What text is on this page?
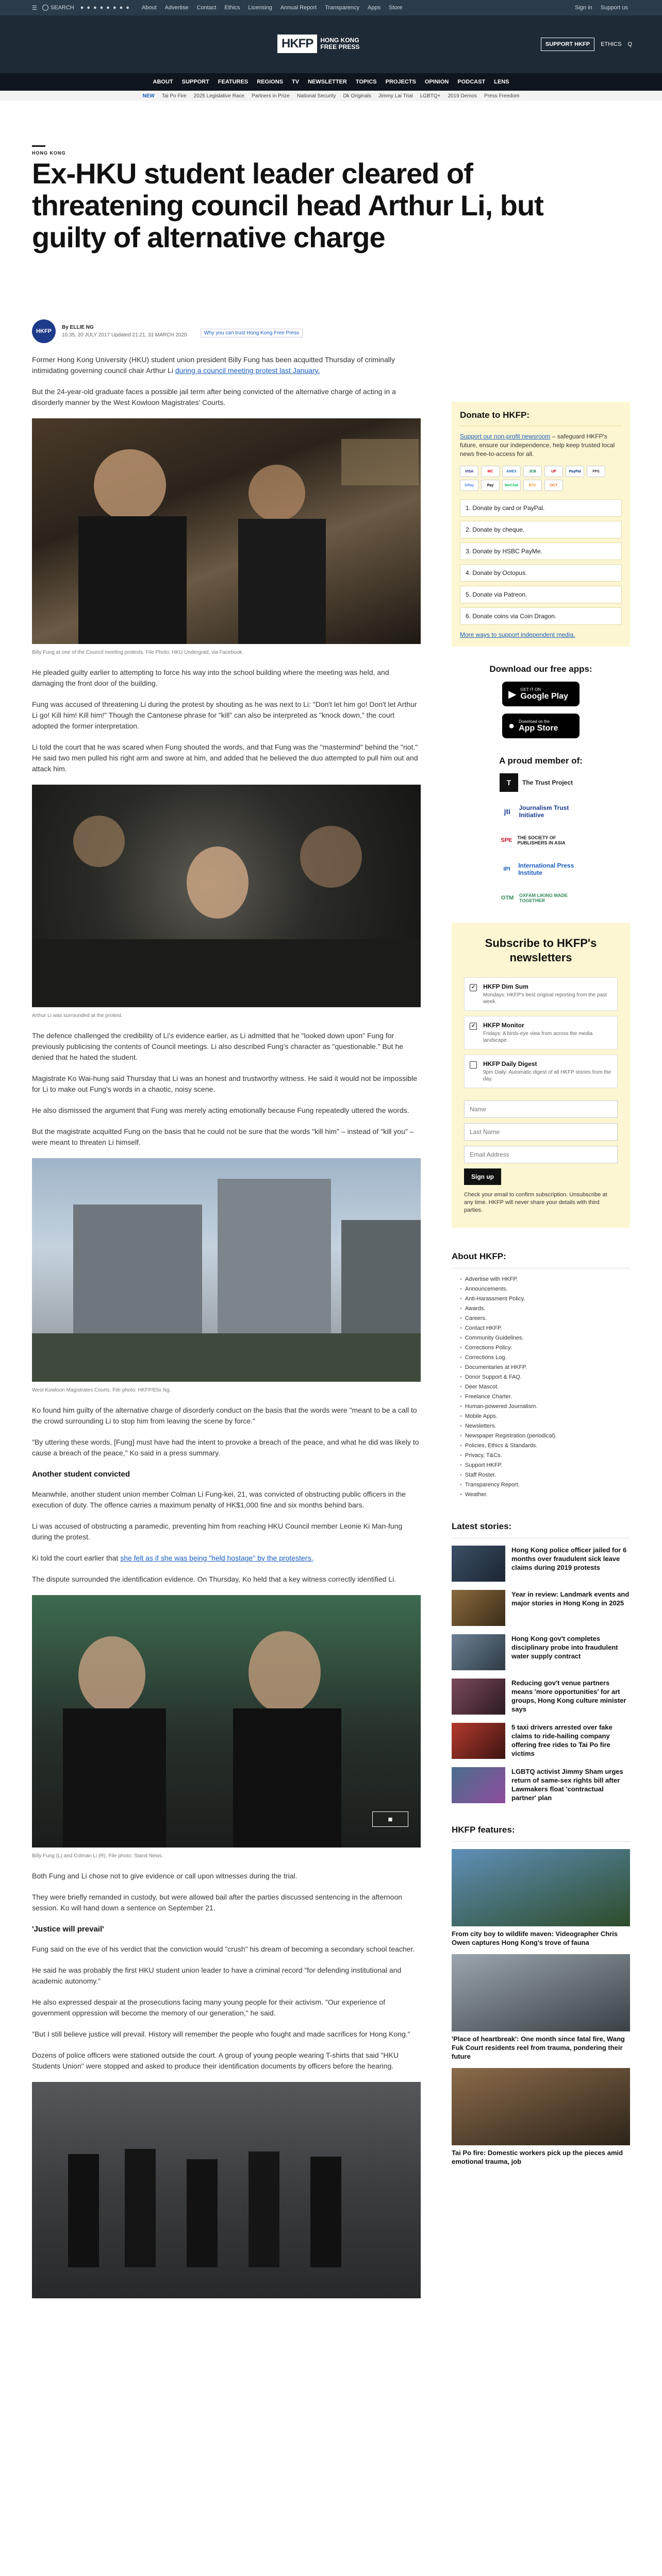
☰	SEARCH ●●●●●●●● About Advertise Contact Ethics Licensing Annual Report Transparency Apps Store	Sign in Support us
HKFP	HONG KONG
FREE PRESS	SUPPORT HKFP	ETHICS Q
ABOUT SUPPORT FEATURES REGIONS TV NEWSLETTER TOPICS PROJECTS OPINION PODCAST LENS
NEW Tai Po Fire 2025 Legislative Race Partners in Prize National Security Dk Originals Jimmy Lai Trial LGBTQ+ 2019 Demos Press Freedom
HONG KONG
Ex-HKU student leader cleared of threatening council head Arthur Li, but guilty of alternative charge
HKFP
By ELLIE NG
10:35, 20 JULY 2017 Updated 21:21, 31 MARCH 2020	Why you can trust Hong Kong Free Press

Former Hong Kong University (HKU) student union president Billy Fung has been acquitted Thursday of criminally intimidating governing council chair Arthur Li during a council meeting protest last January.

But the 24-year-old graduate faces a possible jail term after being convicted of the alternative charge of acting in a disorderly manner by the West Kowloon Magistrates' Courts.

Billy Fung at one of the Council meeting protests. File Photo: HKU Undergrad, via Facebook.

He pleaded guilty earlier to attempting to force his way into the school building where the meeting was held, and damaging the front door of the building.

Fung was accused of threatening Li during the protest by shouting as he was next to Li: "Don't let him go! Don't let Arthur Li go! Kill him! Kill him!" Though the Cantonese phrase for "kill" can also be interpreted as "knock down," the court adopted the former interpretation.

Li told the court that he was scared when Fung shouted the words, and that Fung was the "mastermind" behind the "riot." He said two men pulled his right arm and swore at him, and added that he believed the duo attempted to pull him out and attack him.

Arthur Li was surrounded at the protest.

The defence challenged the credibility of Li's evidence earlier, as Li admitted that he "looked down upon" Fung for previously publicising the contents of Council meetings. Li also described Fung's character as "questionable." But he denied that he hated the student.

Magistrate Ko Wai-hung said Thursday that Li was an honest and trustworthy witness. He said it would not be impossible for Li to make out Fung's words in a chaotic, noisy scene.

He also dismissed the argument that Fung was merely acting emotionally because Fung repeatedly uttered the words.

But the magistrate acquitted Fung on the basis that he could not be sure that the words "kill him" – instead of "kill you" – were meant to threaten Li himself.

West Kowloon Magistrates Courts. File photo: HKFP/Elix Ng.

Ko found him guilty of the alternative charge of disorderly conduct on the basis that the words were "meant to be a call to the crowd surrounding Li to stop him from leaving the scene by force."

"By uttering these words, [Fung] must have had the intent to provoke a breach of the peace, and what he did was likely to cause a breach of the peace," Ko said in a press summary.

Another student convicted

Meanwhile, another student union member Colman Li Fung-kei, 21, was convicted of obstructing public officers in the execution of duty. The offence carries a maximum penalty of HK$1,000 fine and six months behind bars.

Li was accused of obstructing a paramedic, preventing him from reaching HKU Council member Leonie Ki Man-fung during the protest.

Ki told the court earlier that she felt as if she was being "held hostage" by the protesters.

The dispute surrounded the identification evidence. On Thursday, Ko held that a key witness correctly identified Li.

▦
Billy Fung (L) and Colman Li (R). File photo: Stand News.

Both Fung and Li chose not to give evidence or call upon witnesses during the trial.

They were briefly remanded in custody, but were allowed bail after the parties discussed sentencing in the afternoon session. Ko will hand down a sentence on September 21.

'Justice will prevail'

Fung said on the eve of his verdict that the conviction would "crush" his dream of becoming a secondary school teacher.

He said he was probably the first HKU student union leader to have a criminal record "for defending institutional and academic autonomy."

He also expressed despair at the prosecutions facing many young people for their activism. "Our experience of government oppression will become the memory of our generation," he said.

"But I still believe justice will prevail. History will remember the people who fought and made sacrifices for Hong Kong."

Dozens of police officers were stationed outside the court. A group of young people wearing T-shirts that said "HKU Students Union" were stopped and asked to produce their identification documents by officers before the hearing.

Donate to HKFP:
Support our non-profit newsroom – safeguard HKFP's future, ensure our independence, help keep trusted local news free-to-access for all.
VISA	MC	AMEX	JCB	UP	PayPal	FPS
GPay	Pay	WeChat	BTC	OCT
1. Donate by card or PayPal.
2. Donate by cheque.
3. Donate by HSBC PayMe.
4. Donate by Octopus.
5. Donate via Patreon.
6. Donate coins via Coin Dragon.
More ways to support independent media.
Download our free apps:
▶ GET IT ON
Google Play
● Download on the
App Store
A proud member of:
T	The Trust Project
jti	Journalism Trust Initiative
SPE THE SOCIETY OF PUBLISHERS IN ASIA
IPI	International Press Institute
OTM	OXFAM LIKING MADE TOGETHER
Subscribe to HKFP's newsletters
✓ HKFP Dim Sum
Mondays: HKFP's best original reporting from the past week.
✓ HKFP Monitor
Fridays: A birds-eye view from across the media landscape.
HKFP Daily Digest
9pm Daily: Automatic digest of all HKFP stories from the day.
Name Last Name Email Address Sign up
Check your email to confirm subscription. Unsubscribe at any time. HKFP will never share your details with third parties.
About HKFP:
• Advertise with HKFP.
• Announcements.
• Anti-Harassment Policy.
• Awards.
• Careers.
• Contact HKFP.
• Community Guidelines.
• Corrections Policy.
• Corrections Log.
• Documentaries at HKFP.
• Donor Support & FAQ.
• Deer Mascot.
• Freelance Charter.
• Human-powered Journalism.
• Mobile Apps.
• Newsletters.
• Newspaper Registration (periodical).
• Policies, Ethics & Standards.
• Privacy, T&Cs.
• Support HKFP.
• Staff Roster.
• Transparency Report.
• Weather.
Latest stories:
Hong Kong police officer jailed for 6 months over fraudulent sick leave claims during 2019 protests
Year in review: Landmark events and major stories in Hong Kong in 2025
Hong Kong gov't completes disciplinary probe into fraudulent water supply contract
Reducing gov't venue partners means 'more opportunities' for art groups, Hong Kong culture minister says
5 taxi drivers arrested over fake claims to ride-hailing company offering free rides to Tai Po fire victims
LGBTQ activist Jimmy Sham urges return of same-sex rights bill after Lawmakers float 'contractual partner' plan
HKFP features:
From city boy to wildlife maven: Videographer Chris Owen captures Hong Kong's trove of fauna
'Place of heartbreak': One month since fatal fire, Wang Fuk Court residents reel from trauma, pondering their future
Tai Po fire: Domestic workers pick up the pieces amid emotional trauma, job
